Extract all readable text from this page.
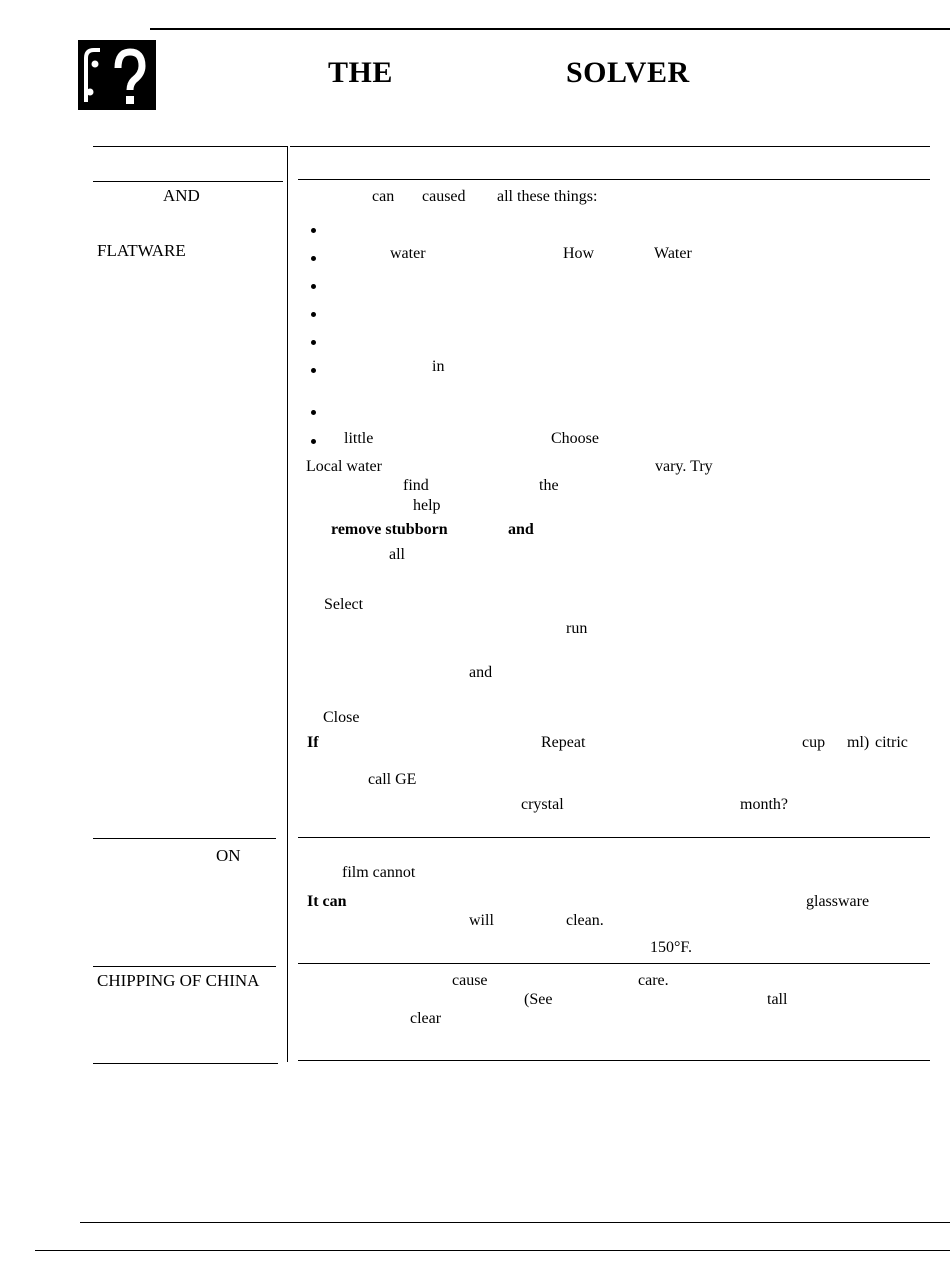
THE	SOLVER
AND
FLATWARE
can caused all these things:
water	How	Water
in
little	Choose
Local water	vary. Try
find	the
help
remove stubborn	and
all
Select
run
and
Close
If	Repeat	cup ml) citric
call GE
crystal	month?
ON
film cannot
It can	glassware
will	clean.
150°F.
CHIPPING OF CHINA	cause	care.
(See	tall
clear
